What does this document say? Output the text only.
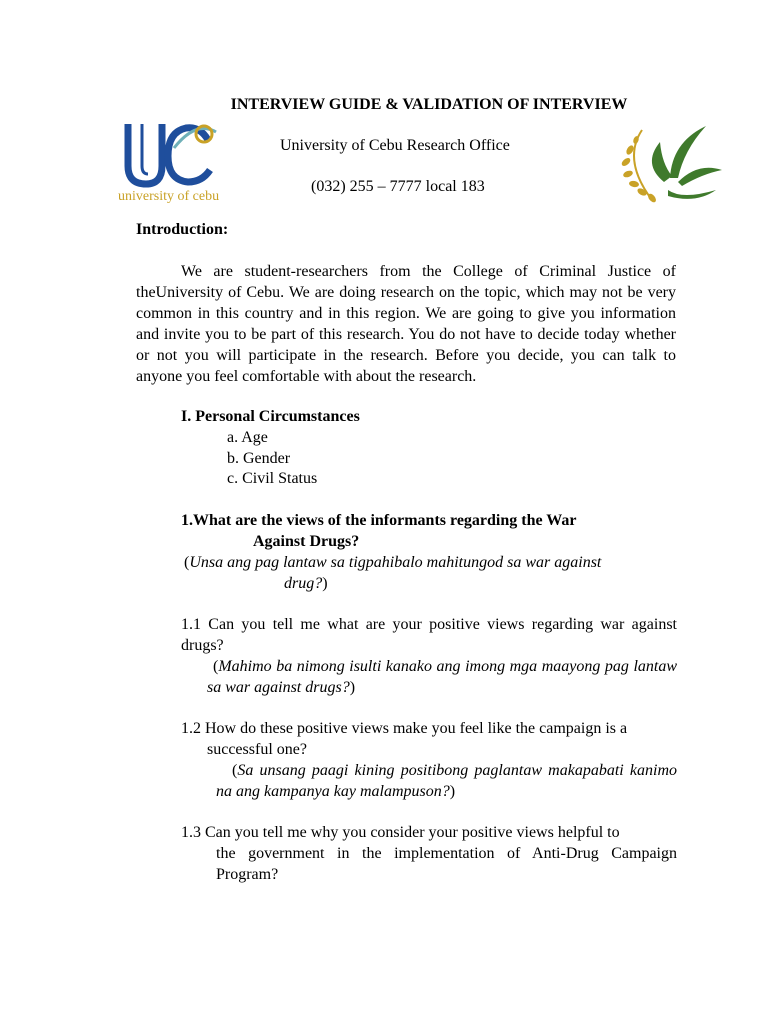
university of cebu
INTERVIEW GUIDE & VALIDATION OF INTERVIEW
University of Cebu Research Office
(032) 255 – 7777 local 183
Introduction:

We are student-researchers from the College of Criminal Justice of theUniversity of Cebu. We are doing research on the topic, which may not be very common in this country and in this region. We are going to give you information and invite you to be part of this research. You do not have to decide today whether or not you will participate in the research. Before you decide, you can talk to anyone you feel comfortable with about the research.

I. Personal Circumstances
a. Age
b. Gender
c. Civil Status
1.What are the views of the informants regarding the War
Against Drugs?
(Unsa ang pag lantaw sa tigpahibalo mahitungod sa war against
drug?)

1.1 Can you tell me what are your positive views regarding war against drugs?

(Mahimo ba nimong isulti kanako ang imong mga maayong pag lantaw sa war against drugs?)

1.2 How do these positive views make you feel like the campaign is a
successful one?

(Sa unsang paagi kining positibong paglantaw makapabati kanimo na ang kampanya kay malampuson?)

1.3 Can you tell me why you consider your positive views helpful to

the government in the implementation of Anti-Drug Campaign Program?
